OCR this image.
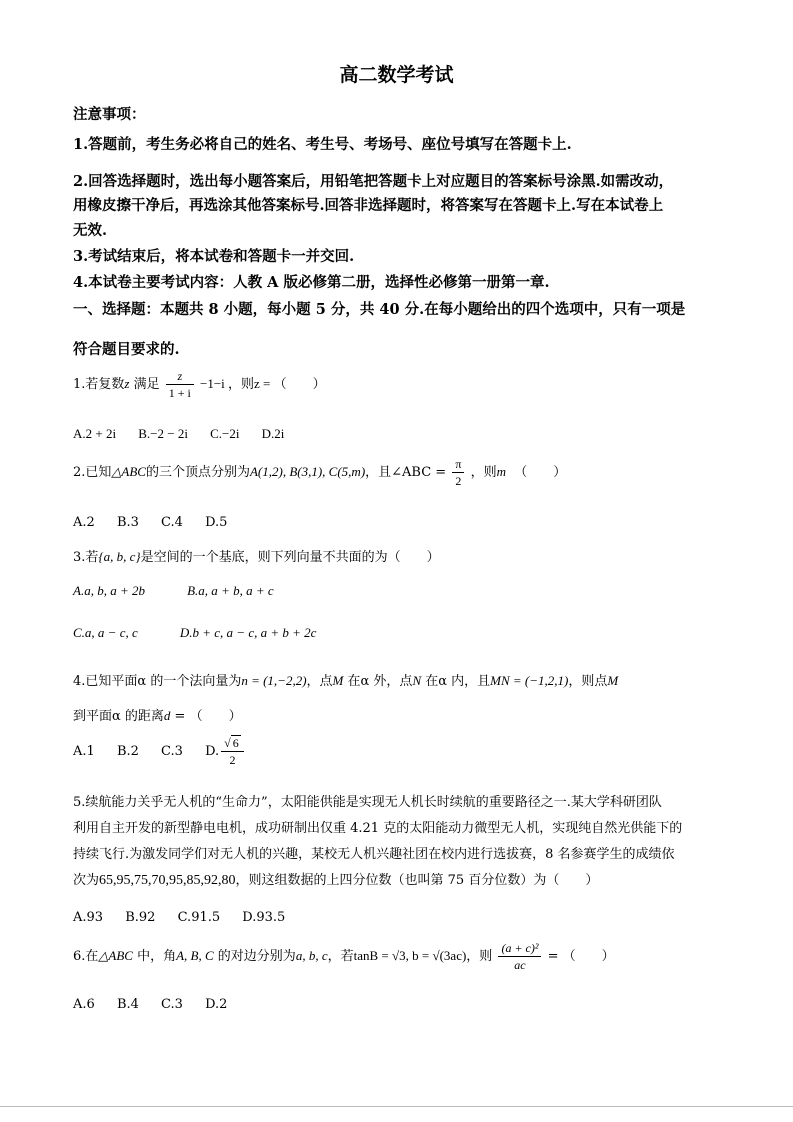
高二数学考试
注意事项：
1.答题前，考生务必将自己的姓名、考生号、考场号、座位号填写在答题卡上.
2.回答选择题时，选出每小题答案后，用铅笔把答题卡上对应题目的答案标号涂黑.如需改动，
用橡皮擦干净后，再选涂其他答案标号.回答非选择题时，将答案写在答题卡上.写在本试卷上
无效.
3.考试结束后，将本试卷和答题卡一并交回.
4.本试卷主要考试内容：人教 A 版必修第二册，选择性必修第一册第一章.
一、选择题：本题共 8 小题，每小题 5 分，共 40 分.在每小题给出的四个选项中，只有一项是
符合题目要求的.
1.若复数z 满足 $\frac{z}{1 + i} -1-i$ ，则z = （　　）
A.2 + 2i B.−2 − 2i C.−2i D.2i
2.已知△ABC的三个顶点分别为A(1,2), B(3,1), C(5,m)，且∠ABC = $\frac{\pi}{2}$ ，则m （　　）
A.2 B.3 C.4 D.5
3.若{a, b, c}是空间的一个基底，则下列向量不共面的为（　　）
A.a, b, a + 2b	B.a, a + b, a + c
C.a, a − c, c	D.b + c, a − c, a + b + 2c
4.已知平面α 的一个法向量为n = (1,−2,2)，点M 在α 外，点N 在α 内，且MN = (−1,2,1)，则点M
到平面α 的距离d = （　　）
A.1 B.2 C.3 D. $\frac{√ 6}{2}$
5.续航能力关乎无人机的“生命力”，太阳能供能是实现无人机长时续航的重要路径之一.某大学科研团队
利用自主开发的新型静电电机，成功研制出仅重 4.21 克的太阳能动力微型无人机，实现纯自然光供能下的
持续飞行.为激发同学们对无人机的兴趣，某校无人机兴趣社团在校内进行选拔赛，8 名参赛学生的成绩依
次为65,95,75,70,95,85,92,80，则这组数据的上四分位数（也叫第 75 百分位数）为（　　）
A.93 B.92 C.91.5 D.93.5
6.在△ABC 中，角A, B, C 的对边分别为a, b, c，若tanB = √3, b = √(3ac)，则 $\frac{\text{(a + c)²}}{ac}$ = （　　）
A.6 B.4 C.3 D.2
